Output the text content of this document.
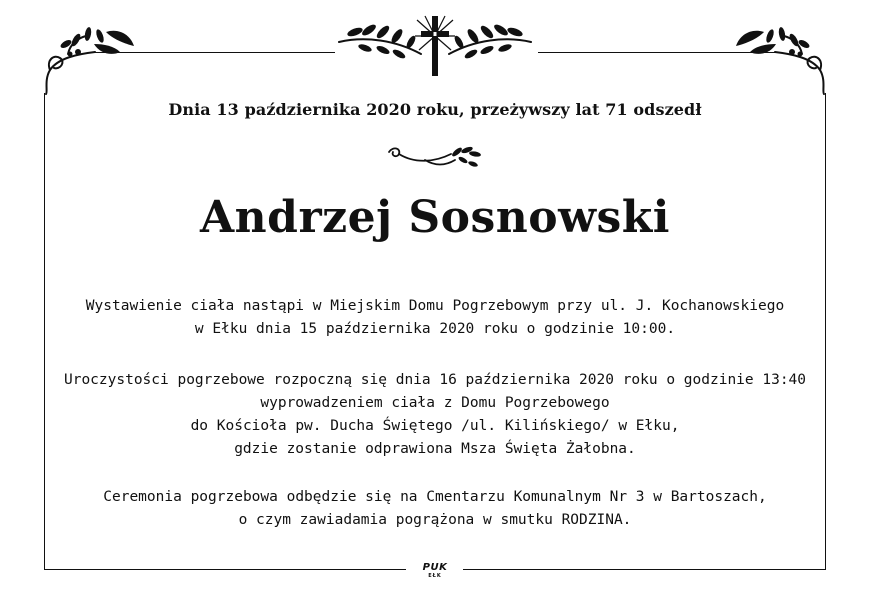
Dnia 13 października 2020 roku, przeżywszy lat 71 odszedł
Andrzej Sosnowski
Wystawienie ciała nastąpi w Miejskim Domu Pogrzebowym przy ul. J. Kochanowskiego
w Ełku dnia 15 października 2020 roku o godzinie 10:00.
Uroczystości pogrzebowe rozpoczną się dnia 16 października 2020 roku o godzinie 13:40
wyprowadzeniem ciała z Domu Pogrzebowego
do Kościoła pw. Ducha Świętego /ul. Kilińskiego/ w Ełku,
gdzie zostanie odprawiona Msza Święta Żałobna.
Ceremonia pogrzebowa odbędzie się na Cmentarzu Komunalnym Nr 3 w Bartoszach,
o czym zawiadamia pogrążona w smutku RODZINA.
PUK
EŁK
